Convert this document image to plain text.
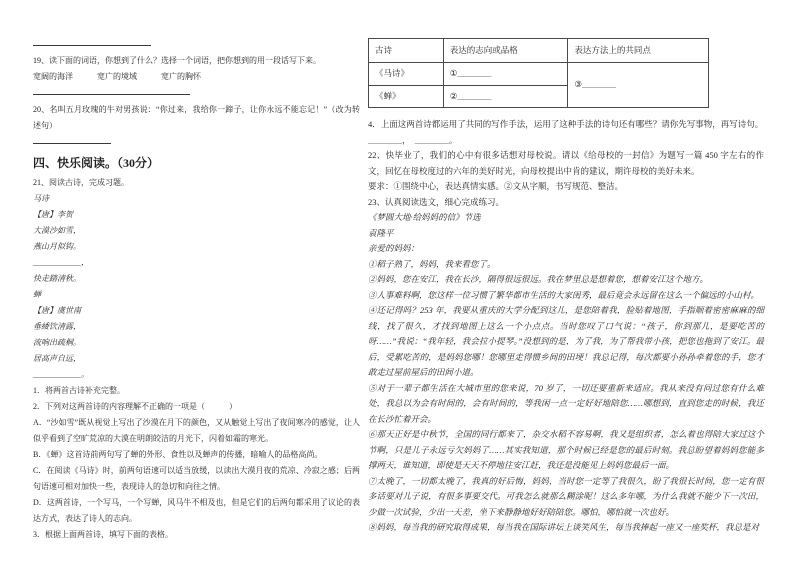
19、读下面的词语，你想到了什么？选择一个词语，把你想到的用一段话写下来。

宽阔的海洋　　　宽广的境域　　　宽广的胸怀

20、名叫五月玫瑰的牛对男孩说：“你过来，我给你一蹄子，让你永远不能忘记！”（改为转述句）

四、快乐阅读。（30分）

21、阅读古诗，完成习题。

马诗

【唐】李贺

大漠沙如雪，

燕山月似钩。

＿＿＿＿＿＿，

快走踏清秋。

蝉

【唐】虞世南

垂緌饮清露，

流响出疏桐。

居高声自远，

＿＿＿＿＿＿。

1．将两首古诗补充完整。

2．下列对这两首诗的内容理解不正确的一项是（　　　）

A．“沙如雪”既从视觉上写出了沙漠在月下的颜色，又从触觉上写出了夜间寒冷的感觉，让人似乎看到了空旷荒凉的大漠在明朗皎洁的月光下，闪着如霜的寒光。

B．《蝉》这首诗前两句写了蝉的外形、食性以及蝉声的传播，暗喻人的品格高尚。

C．在阅读《马诗》时，前两句语速可以适当放缓，以读出大漠月夜的荒凉、冷寂之感；后两句语速可相对加快一些，表现诗人的急切和向往之情。

D．这两首诗，一个写马，一个写蝉，风马牛不相及也，但是它们的后两句都采用了议论的表达方式，表达了诗人的志向。

3．根据上面两首诗，填写下面的表格。

古诗	表达的志向或品格	表达方法上的共同点
《马诗》	①＿＿＿＿	③＿＿＿＿
《蝉》	②＿＿＿＿	

4．上面这两首诗都运用了共同的写作手法，运用了这种手法的诗句还有哪些？请你先写事物，再写诗句。

＿＿＿＿，　＿＿＿＿。

22、快毕业了，我们的心中有很多话想对母校说。请以《给母校的一封信》为题写一篇 450 字左右的作文，回忆在母校度过的六年的美好时光，向母校提出中肯的建议，期许母校的美好未来。

要求：①围绕中心，表达真情实感。②文从字顺，书写规范、整洁。

23、认真阅读选文，细心完成练习。

《梦圆大地·给妈妈的信》节选

袁隆平

亲爱的妈妈：

①稻子熟了，妈妈，我来看您了。

②妈妈，您在安江，我在长沙，隔得很远很远。我在梦里总是想着您，想着安江这个地方。

③人事难料啊，您这样一位习惯了繁华都市生活的大家闺秀，最后竟会永远留在这么一个偏远的小山村。

④还记得吗？253 年，我要从重庆的大学分配到这儿，是您陪着我，脸贴着地图，手指顺着密密麻麻的细线，找了很久，才找到地图上这么一个小点点。当时您叹了口气说：“孩子，你到那儿，是要吃苦的呀……”我说：“我年轻，我会拉小提琴。”没想到的是，为了我，为了帮我带小孩，把您也拖到了安江。最后，受累吃苦的，是妈妈您哪！您哪里走得惯乡间的田埂！我总记得，每次都要小孙孙牵着您的手，您才敢走过屋前屋后的田间小道。

⑤对于一辈子都生活在大城市里的您来说，70 岁了，一切还要重新来适应。我从来没有问过您有什么难处，我总以为会有时间的，会有时间的，等我闲一点一定好好地陪您……哪想到，直到您走的时候，我还在长沙忙着开会。

⑥那天正好是中秋节，全国的同行都来了，杂交水稻不容易啊，我又是组织者，怎么着也得陪大家过这个节啊，只是儿子永远亏欠妈妈了……其实我知道，那个时候已经是您的最后时刻。我总盼望着妈妈您能多撑两天，谁知道，即使是天天不停地往安江赶，我还是没能见上妈妈您最后一面。

⑦太晚了，一切都太晚了，我真的好后悔，妈妈，当时您一定等了我很久，盼了我很长时间，您一定有很多话要对儿子说，有很多事要交代。可我怎么就那么糊涂呢！这么多年哪，为什么我就不能少下一次田，少做一次试验，少出一天差，坐下来静静地好好陪陪您。哪怕，哪怕就一次也好。

⑧妈妈，每当我的研究取得成果，每当我在国际讲坛上谈笑风生，每当我捧起一座又一座奖杯，我总是对
